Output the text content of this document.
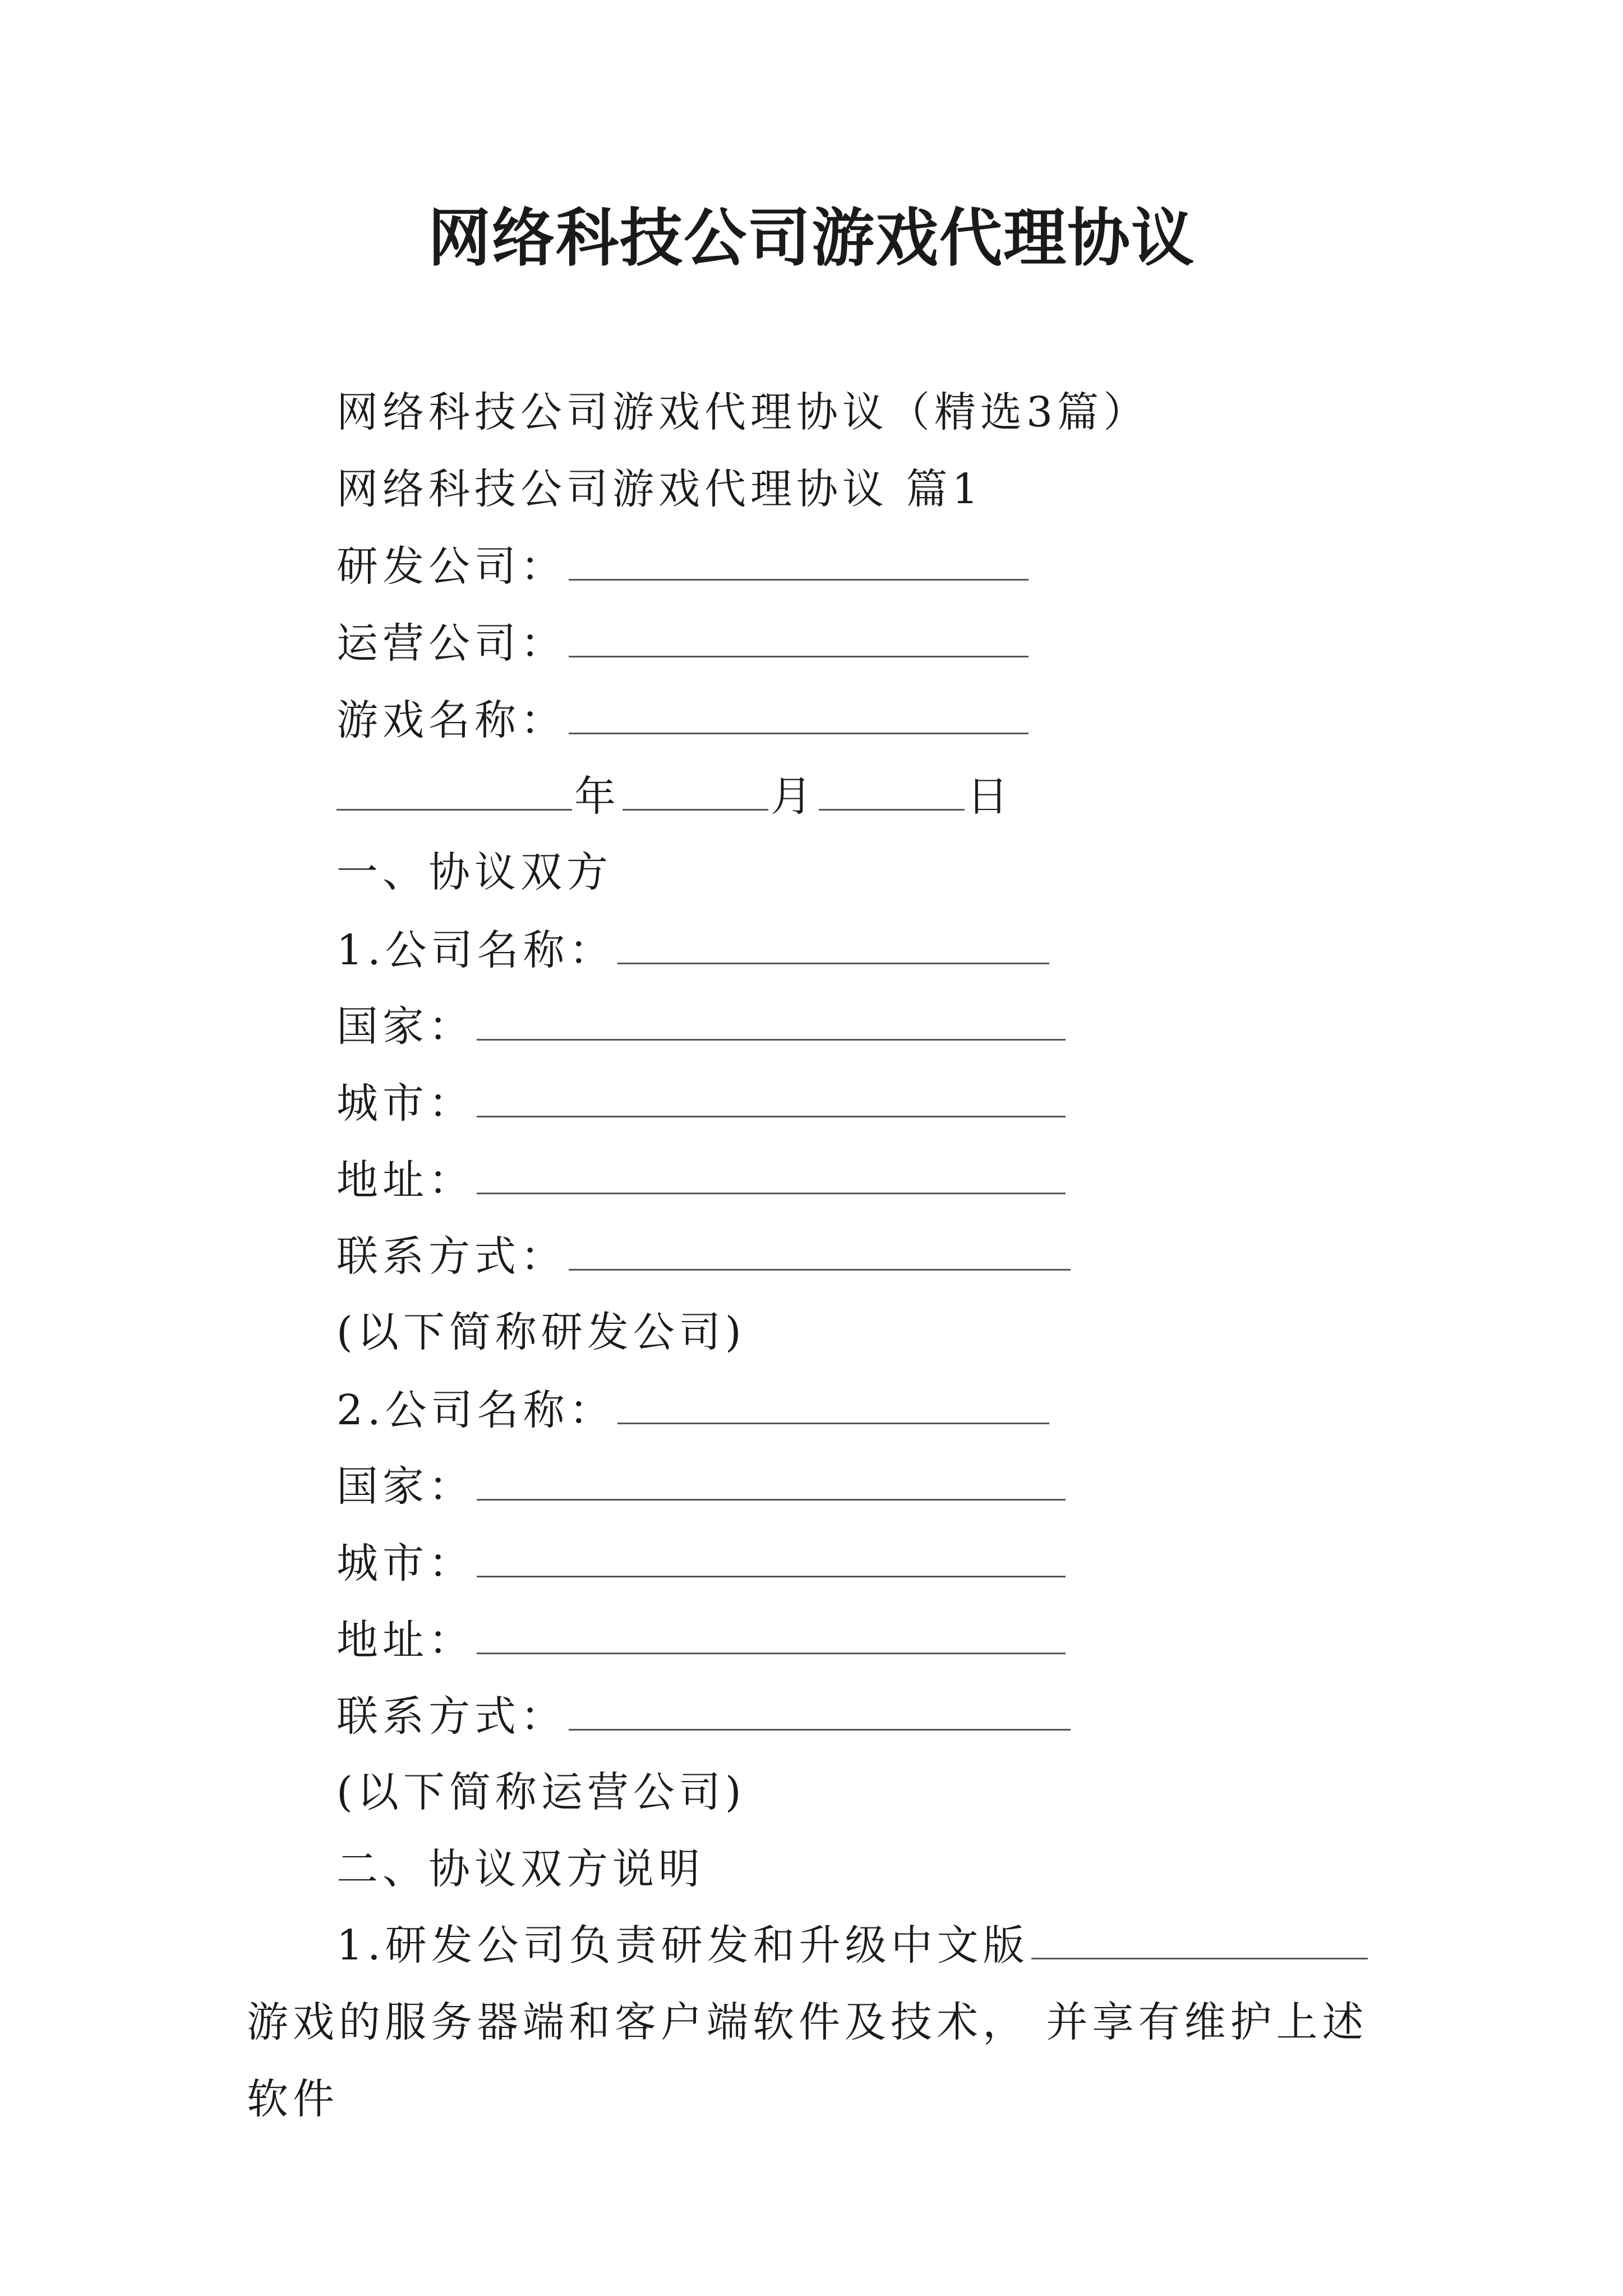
网络科技公司游戏代理协议
网络科技公司游戏代理协议（精选3篇）
网络科技公司游戏代理协议 篇1
研发公司：
运营公司：
游戏名称：
年	月	日
一、协议双方
1.公司名称：
国家：
城市：
地址：
联系方式：
(以下简称研发公司)
2.公司名称：
国家：
城市：
地址：
联系方式：
(以下简称运营公司)
二、协议双方说明
1.研发公司负责研发和升级中文版游戏的服务器端和客户端软件及技术， 并享有维护上述软件
